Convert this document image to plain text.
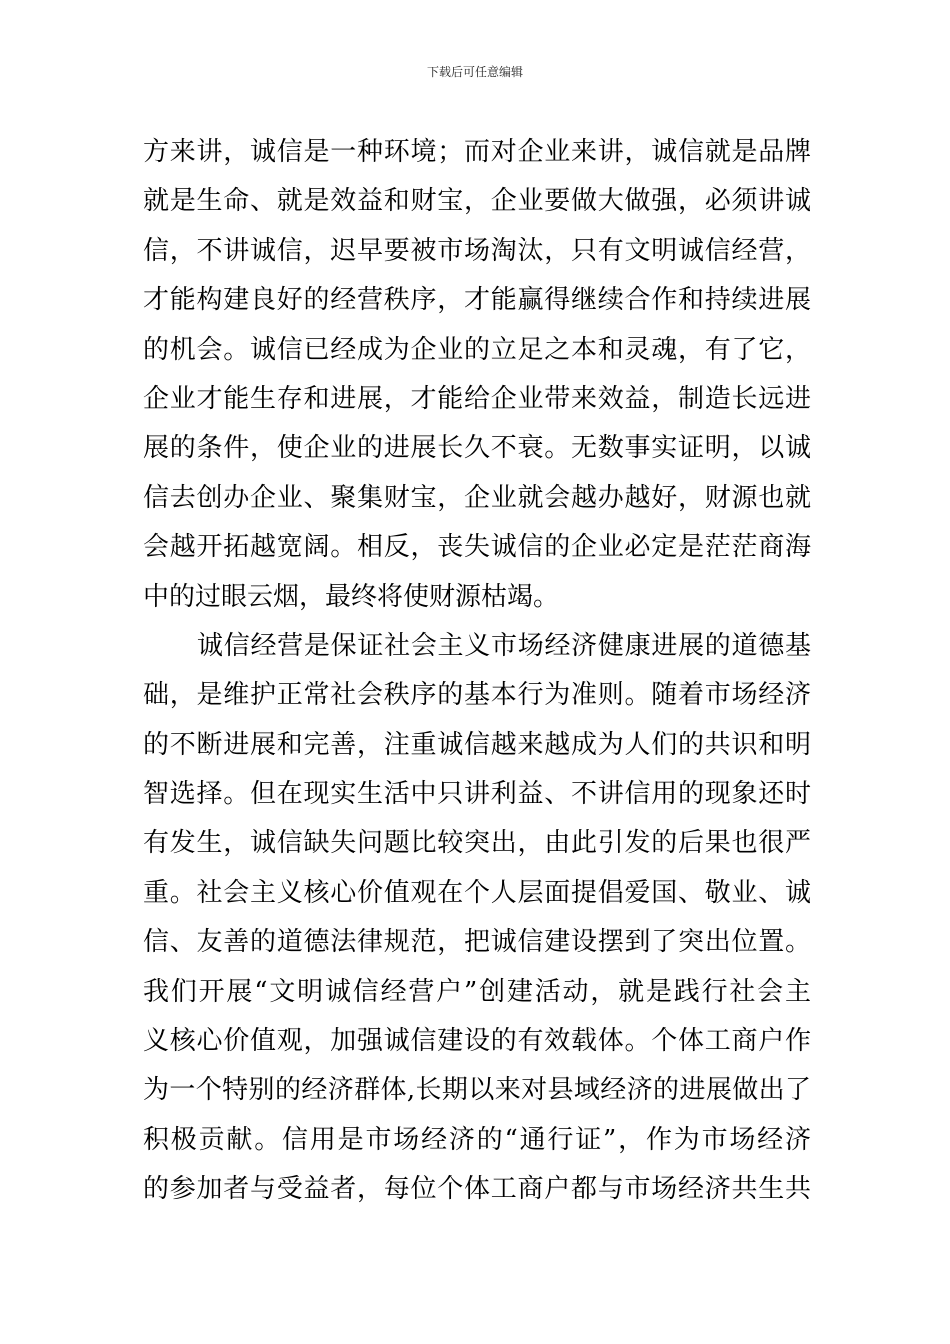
下载后可任意编辑
方来讲，诚信是一种环境；而对企业来讲，诚信就是品牌
就是生命、就是效益和财宝，企业要做大做强，必须讲诚
信，不讲诚信，迟早要被市场淘汰，只有文明诚信经营，
才能构建良好的经营秩序，才能赢得继续合作和持续进展
的机会。诚信已经成为企业的立足之本和灵魂，有了它，
企业才能生存和进展，才能给企业带来效益，制造长远进
展的条件，使企业的进展长久不衰。无数事实证明，以诚
信去创办企业、聚集财宝，企业就会越办越好，财源也就
会越开拓越宽阔。相反，丧失诚信的企业必定是茫茫商海
中的过眼云烟，最终将使财源枯竭。
诚信经营是保证社会主义市场经济健康进展的道德基
础，是维护正常社会秩序的基本行为准则。随着市场经济
的不断进展和完善，注重诚信越来越成为人们的共识和明
智选择。但在现实生活中只讲利益、不讲信用的现象还时
有发生，诚信缺失问题比较突出，由此引发的后果也很严
重。社会主义核心价值观在个人层面提倡爱国、敬业、诚
信、友善的道德法律规范，把诚信建设摆到了突出位置。
我们开展“文明诚信经营户”创建活动，就是践行社会主
义核心价值观，加强诚信建设的有效载体。个体工商户作
为一个特别的经济群体,长期以来对县域经济的进展做出了
积极贡献。信用是市场经济的“通行证”，作为市场经济
的参加者与受益者，每位个体工商户都与市场经济共生共
